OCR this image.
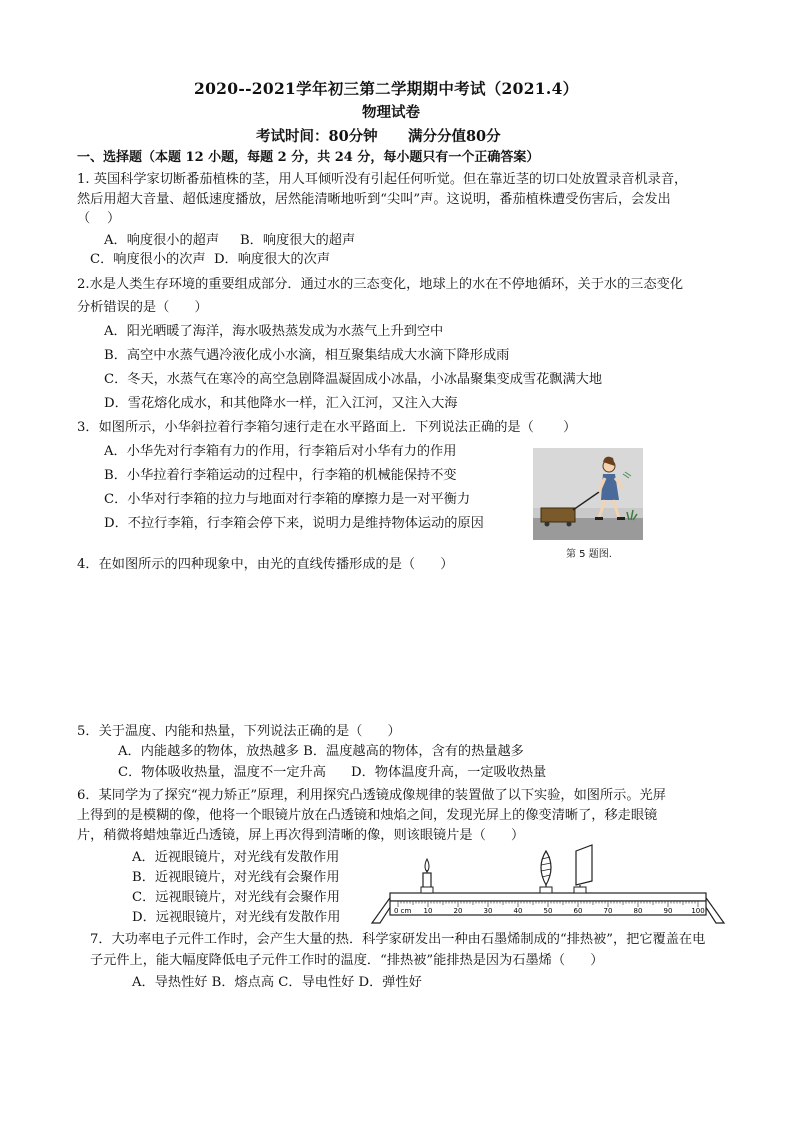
2020--2021学年初三第二学期期中考试（2021.4）
物理试卷
考试时间：80分钟      满分分值80分
一、选择题（本题 12 小题，每题 2 分，共 24 分，每小题只有一个正确答案）
1. 英国科学家切断番茄植株的茎，用人耳倾听没有引起任何听觉。但在靠近茎的切口处放置录音机录音，
然后用超大音量、超低速度播放，居然能清晰地听到“尖叫”声。这说明，番茄植株遭受伤害后，会发出
（    ）
A．响度很小的超声     B．响度很大的超声
C．响度很小的次声  D．响度很大的次声
2.水是人类生存环境的重要组成部分．通过水的三态变化，地球上的水在不停地循环，关于水的三态变化
分析错误的是（      ）
A．阳光晒暖了海洋，海水吸热蒸发成为水蒸气上升到空中
B．高空中水蒸气遇冷液化成小水滴，相互聚集结成大水滴下降形成雨
C．冬天，水蒸气在寒冷的高空急剧降温凝固成小冰晶，小冰晶聚集变成雪花飘满大地
D．雪花熔化成水，和其他降水一样，汇入江河，又注入大海
3．如图所示，小华斜拉着行李箱匀速行走在水平路面上．下列说法正确的是（       ）
A．小华先对行李箱有力的作用，行李箱后对小华有力的作用
B．小华拉着行李箱运动的过程中，行李箱的机械能保持不变
C．小华对行李箱的拉力与地面对行李箱的摩擦力是一对平衡力
D．不拉行李箱，行李箱会停下来，说明力是维持物体运动的原因
第 5 题图.
4．在如图所示的四种现象中，由光的直线传播形成的是（      ）
5．关于温度、内能和热量，下列说法正确的是（      ）
A．内能越多的物体，放热越多 B．温度越高的物体，含有的热量越多
C．物体吸收热量，温度不一定升高      D．物体温度升高，一定吸收热量
6．某同学为了探究“视力矫正”原理，利用探究凸透镜成像规律的装置做了以下实验，如图所示。光屏
上得到的是模糊的像，他将一个眼镜片放在凸透镜和烛焰之间，发现光屏上的像变清晰了，移走眼镜
片，稍微将蜡烛靠近凸透镜，屏上再次得到清晰的像，则该眼镜片是（      ）
A．近视眼镜片，对光线有发散作用
B．近视眼镜片，对光线有会聚作用
C．远视眼镜片，对光线有会聚作用
D．远视眼镜片，对光线有发散作用	0 cm 10	20	30	40	50	60	70	80	90	100
7．大功率电子元件工作时，会产生大量的热．科学家研发出一种由石墨烯制成的“排热被”，把它覆盖在电
子元件上，能大幅度降低电子元件工作时的温度．“排热被”能排热是因为石墨烯（      ）
A．导热性好 B．熔点高 C．导电性好 D．弹性好
